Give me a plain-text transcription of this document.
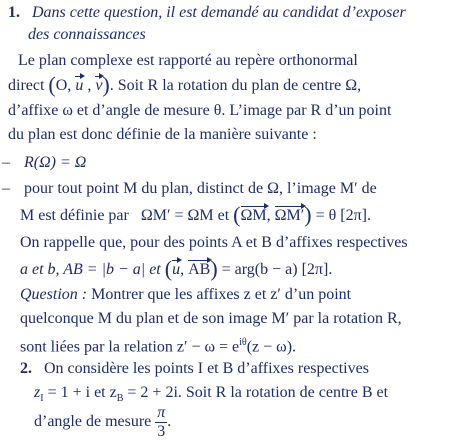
1. Dans cette question, il est demandé au candidat d’exposer
des connaissances
Le plan complexe est rapporté au repère orthonormal
direct (O, u , v). Soit R la rotation du plan de centre Ω,
d’affixe ω et d’angle de mesure θ. L’image par R d’un point
du plan est donc définie de la manière suivante :
– R(Ω) = Ω
– pour tout point M du plan, distinct de Ω, l’image M′ de
M est définie par ΩM′ = ΩM et (ΩM, ΩM′) = θ [2π].
On rappelle que, pour des points A et B d’affixes respectives
a et b, AB = |b − a| et (u, AB) = arg(b − a) [2π].
Question : Montrer que les affixes z et z′ d’un point
quelconque M du plan et de son image M′ par la rotation R,
sont liées par la relation $z' - \omega = e^{i\theta}(z - \omega)$.
2. On considère les points I et B d’affixes respectives
$z_I = 1 + i$ et $z_B = 2 + 2i$. Soit R la rotation de centre B et
d’angle de mesure $\frac{\pi}{3}$ .
